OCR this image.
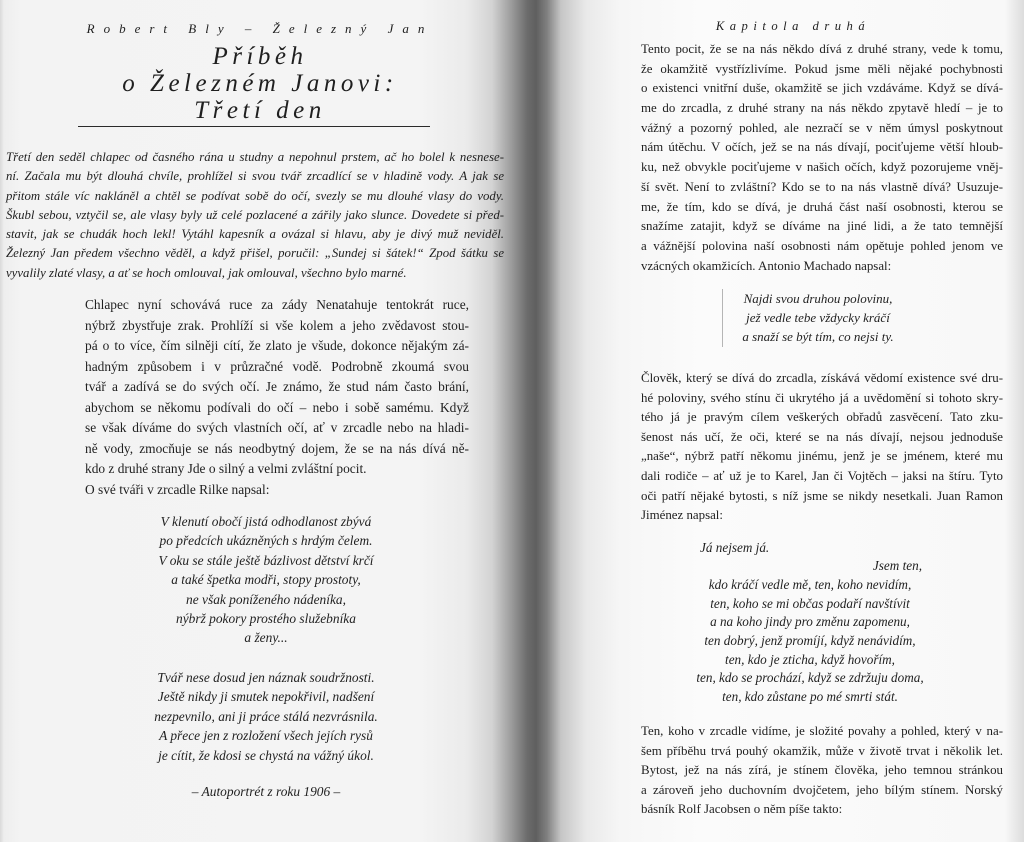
Robert Bly – Železný Jan
Příběh
o Železném Janovi:
Třetí den
Třetí den seděl chlapec od časného rána u studny a nepohnul prstem, ač ho bolel k nesnese-
ní. Začala mu být dlouhá chvíle, prohlížel si svou tvář zrcadlící se v hladině vody. A jak se
přitom stále víc nakláněl a chtěl se podívat sobě do očí, svezly se mu dlouhé vlasy do vody.
Škubl sebou, vztyčil se, ale vlasy byly už celé pozlacené a zářily jako slunce. Dovedete si před-
stavit, jak se chudák hoch lekl! Vytáhl kapesník a ovázal si hlavu, aby je divý muž neviděl.
Železný Jan předem všechno věděl, a když přišel, poručil: „Sundej si šátek!“ Zpod šátku se
vyvalily zlaté vlasy, a ať se hoch omlouval, jak omlouval, všechno bylo marné.
Chlapec nyní schovává ruce za zády Nenatahuje tentokrát ruce,
nýbrž zbystřuje zrak. Prohlíží si vše kolem a jeho zvědavost stou-
pá o to více, čím silněji cítí, že zlato je všude, dokonce nějakým zá-
hadným způsobem i v průzračné vodě. Podrobně zkoumá svou
tvář a zadívá se do svých očí. Je známo, že stud nám často brání,
abychom se někomu podívali do očí – nebo i sobě samému. Když
se však díváme do svých vlastních očí, ať v zrcadle nebo na hladi-
ně vody, zmocňuje se nás neodbytný dojem, že se na nás dívá ně-
kdo z druhé strany Jde o silný a velmi zvláštní pocit.
O své tváři v zrcadle Rilke napsal:
V klenutí obočí jistá odhodlanost zbývá
po předcích ukázněných s hrdým čelem.
V oku se stále ještě bázlivost dětství krčí
a také špetka modři, stopy prostoty,
ne však poníženého nádeníka,
nýbrž pokory prostého služebníka
a ženy...
Tvář nese dosud jen náznak soudržnosti.
Ještě nikdy ji smutek nepokřivil, nadšení
nezpevnilo, ani ji práce stálá nezvrásnila.
A přece jen z rozložení všech jejích rysů
je cítit, že kdosi se chystá na vážný úkol.
– Autoportrét z roku 1906 –
Kapitola druhá
Tento pocit, že se na nás někdo dívá z druhé strany, vede k tomu,
že okamžitě vystřízlivíme. Pokud jsme měli nějaké pochybnosti
o existenci vnitřní duše, okamžitě se jich vzdáváme. Když se dívá-
me do zrcadla, z druhé strany na nás někdo zpytavě hledí – je to
vážný a pozorný pohled, ale nezračí se v něm úmysl poskytnout
nám útěchu. V očích, jež se na nás dívají, pociťujeme větší hloub-
ku, než obvykle pociťujeme v našich očích, když pozorujeme vněj-
ší svět. Není to zvláštní? Kdo se to na nás vlastně dívá? Usuzuje-
me, že tím, kdo se dívá, je druhá část naší osobnosti, kterou se
snažíme zatajit, když se díváme na jiné lidi, a že tato temnější
a vážnější polovina naší osobnosti nám opětuje pohled jenom ve
vzácných okamžicích. Antonio Machado napsal:
Najdi svou druhou polovinu,
jež vedle tebe vždycky kráčí
a snaží se být tím, co nejsi ty.
Člověk, který se dívá do zrcadla, získává vědomí existence své dru-
hé poloviny, svého stínu či ukrytého já a uvědomění si tohoto skry-
tého já je pravým cílem veškerých obřadů zasvěcení. Tato zku-
šenost nás učí, že oči, které se na nás dívají, nejsou jednoduše
„naše“, nýbrž patří někomu jinému, jenž je se jménem, které mu
dali rodiče – ať už je to Karel, Jan či Vojtěch – jaksi na štíru. Tyto
oči patří nějaké bytosti, s níž jsme se nikdy nesetkali. Juan Ramon
Jiménez napsal:
Já nejsem já.
Jsem ten,
kdo kráčí vedle mě, ten, koho nevidím,
ten, koho se mi občas podaří navštívit
a na koho jindy pro změnu zapomenu,
ten dobrý, jenž promíjí, když nenávidím,
ten, kdo je zticha, když hovořím,
ten, kdo se prochází, když se zdržuju doma,
ten, kdo zůstane po mé smrti stát.
Ten, koho v zrcadle vidíme, je složité povahy a pohled, který v na-
šem příběhu trvá pouhý okamžik, může v životě trvat i několik let.
Bytost, jež na nás zírá, je stínem člověka, jeho temnou stránkou
a zároveň jeho duchovním dvojčetem, jeho bílým stínem. Norský
básník Rolf Jacobsen o něm píše takto:
